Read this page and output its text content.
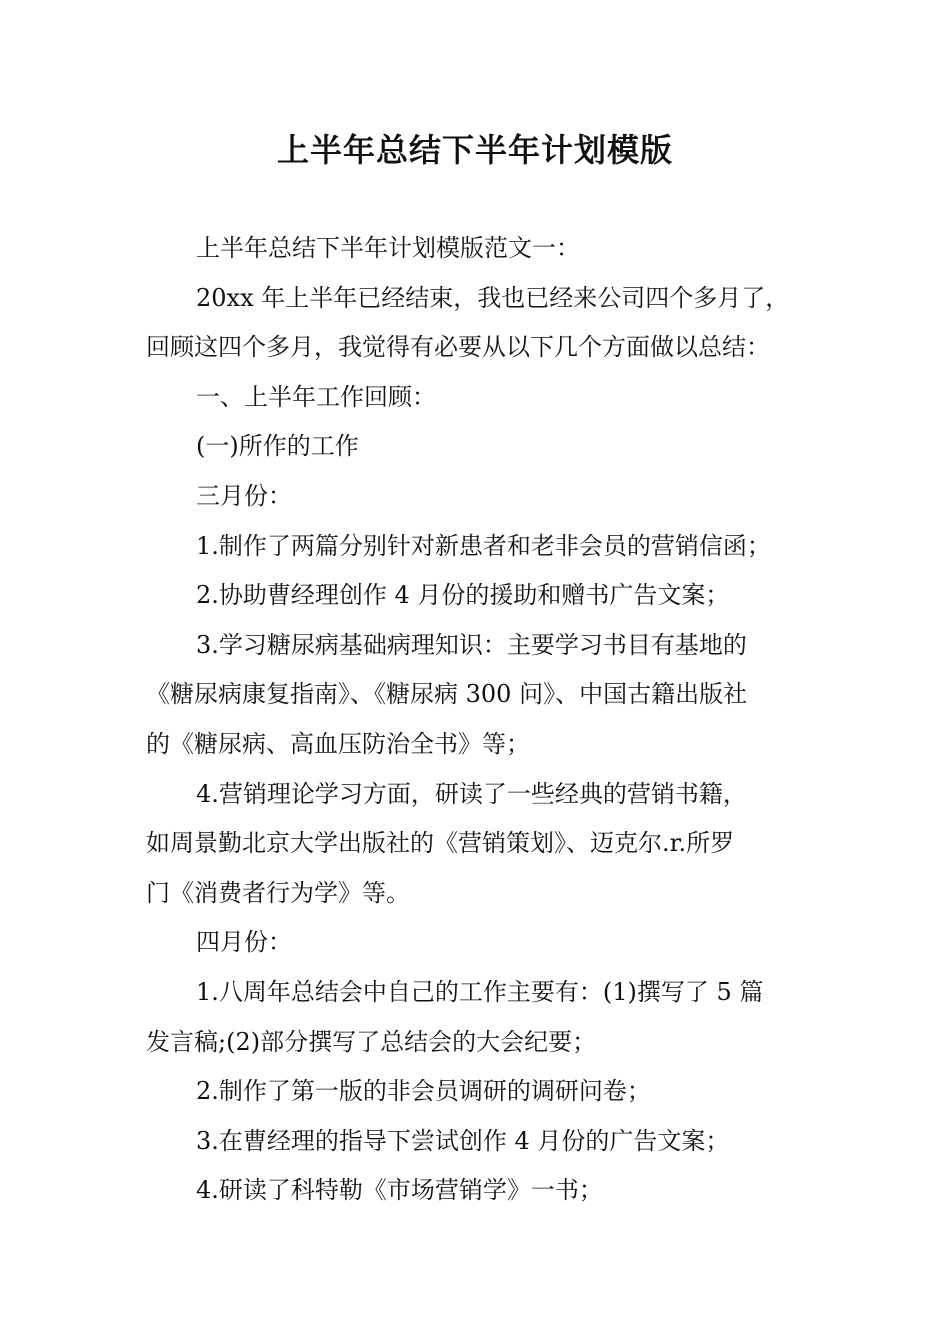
上半年总结下半年计划模版

上半年总结下半年计划模版范文一：

20xx 年上半年已经结束，我也已经来公司四个多月了，

回顾这四个多月，我觉得有必要从以下几个方面做以总结：

一、上半年工作回顾：

(一)所作的工作

三月份：

1.制作了两篇分别针对新患者和老非会员的营销信函；

2.协助曹经理创作 4 月份的援助和赠书广告文案；

3.学习糖尿病基础病理知识：主要学习书目有基地的

《糖尿病康复指南》、《糖尿病 300 问》、中国古籍出版社

的《糖尿病、高血压防治全书》等；

4.营销理论学习方面，研读了一些经典的营销书籍，

如周景勤北京大学出版社的《营销策划》、迈克尔.r.所罗

门《消费者行为学》等。

四月份：

1.八周年总结会中自己的工作主要有：(1)撰写了 5 篇

发言稿;(2)部分撰写了总结会的大会纪要；

2.制作了第一版的非会员调研的调研问卷；

3.在曹经理的指导下尝试创作 4 月份的广告文案；

4.研读了科特勒《市场营销学》一书；
